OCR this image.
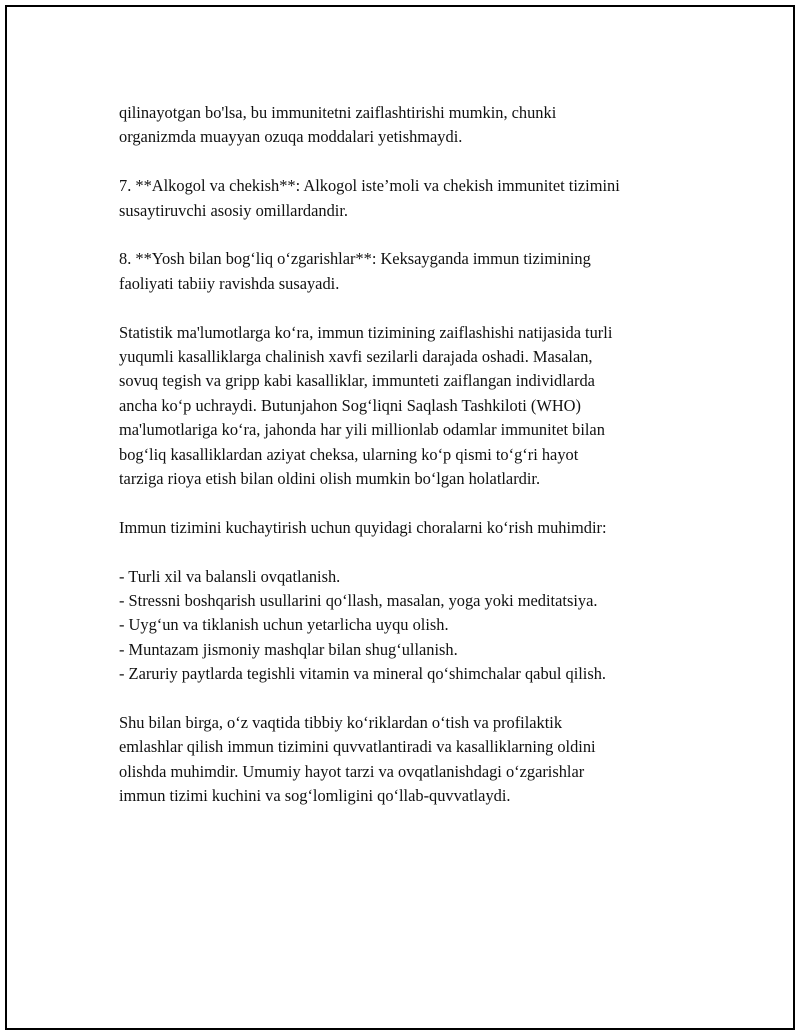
qilinayotgan bo'lsa, bu immunitetni zaiflashtirishi mumkin, chunki
organizmda muayyan ozuqa moddalari yetishmaydi.

7. **Alkogol va chekish**: Alkogol iste’moli va chekish immunitet tizimini
susaytiruvchi asosiy omillardandir.

8. **Yosh bilan bog‘liq o‘zgarishlar**: Keksayganda immun tizimining
faoliyati tabiiy ravishda susayadi.

Statistik ma'lumotlarga ko‘ra, immun tizimining zaiflashishi natijasida turli
yuqumli kasalliklarga chalinish xavfi sezilarli darajada oshadi. Masalan,
sovuq tegish va gripp kabi kasalliklar, immunteti zaiflangan individlarda
ancha ko‘p uchraydi. Butunjahon Sog‘liqni Saqlash Tashkiloti (WHO)
ma'lumotlariga ko‘ra, jahonda har yili millionlab odamlar immunitet bilan
bog‘liq kasalliklardan aziyat cheksa, ularning ko‘p qismi to‘g‘ri hayot
tarziga rioya etish bilan oldini olish mumkin bo‘lgan holatlardir.

Immun tizimini kuchaytirish uchun quyidagi choralarni ko‘rish muhimdir:

- Turli xil va balansli ovqatlanish.
- Stressni boshqarish usullarini qo‘llash, masalan, yoga yoki meditatsiya.
- Uyg‘un va tiklanish uchun yetarlicha uyqu olish.
- Muntazam jismoniy mashqlar bilan shug‘ullanish.
- Zaruriy paytlarda tegishli vitamin va mineral qo‘shimchalar qabul qilish.

Shu bilan birga, o‘z vaqtida tibbiy ko‘riklardan o‘tish va profilaktik
emlashlar qilish immun tizimini quvvatlantiradi va kasalliklarning oldini
olishda muhimdir. Umumiy hayot tarzi va ovqatlanishdagi o‘zgarishlar
immun tizimi kuchini va sog‘lomligini qo‘llab-quvvatlaydi.
